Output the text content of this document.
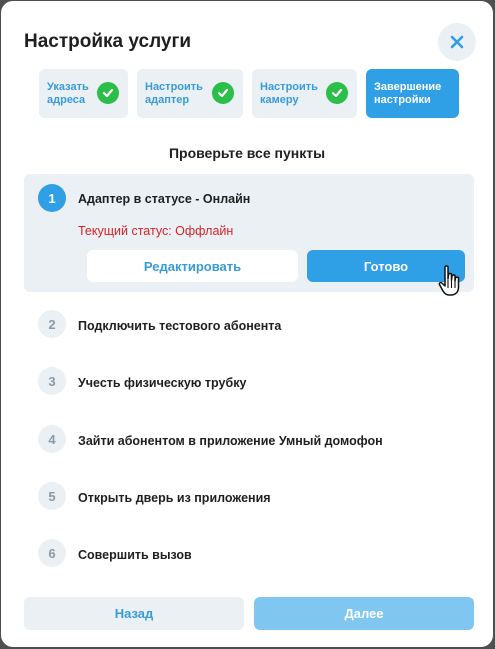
Настройка услуги
Указать
адреса
Настроить
адаптер
Настроить
камеру
Завершение
настройки
Проверьте все пункты
1	Адаптер в статусе - Онлайн
Текущий статус: Оффлайн
Редактировать	Готово
2	Подключить тестового абонента
3	Учесть физическую трубку
4	Зайти абонентом в приложение Умный домофон
5	Открыть дверь из приложения
6	Совершить вызов
Назад	Далее
